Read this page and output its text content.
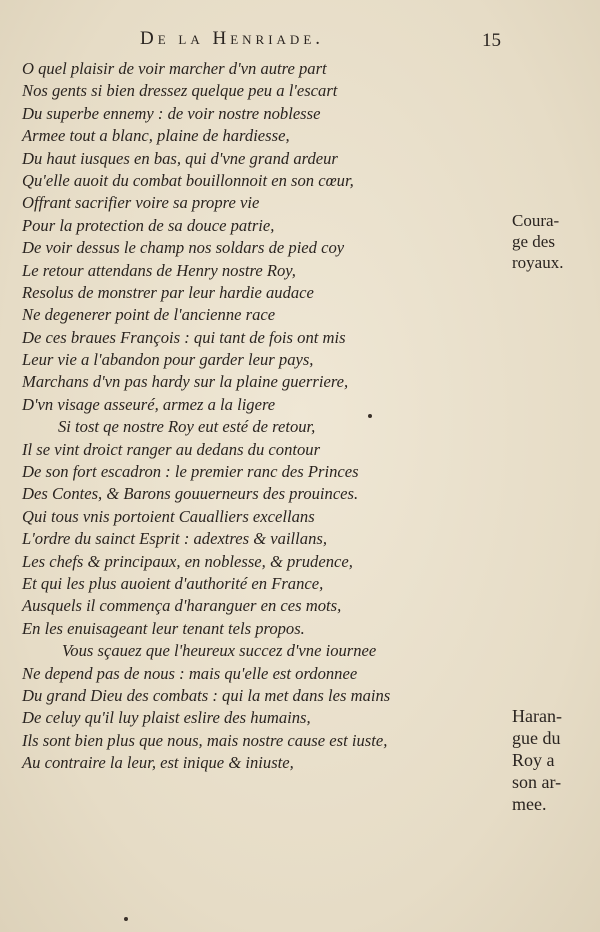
De la Henriade.	15
O quel plaisir de voir marcher d'vn autre part
Nos gents si bien dressez quelque peu a l'escart
Du superbe ennemy : de voir nostre noblesse
Armee tout a blanc, plaine de hardiesse,
Du haut iusques en bas, qui d'vne grand ardeur
Qu'elle auoit du combat bouillonnoit en son cœur,
Offrant sacrifier voire sa propre vie
Pour la protection de sa douce patrie,
De voir dessus le champ nos soldars de pied coy
Le retour attendans de Henry nostre Roy,
Resolus de monstrer par leur hardie audace
Ne degenerer point de l'ancienne race
De ces braues François : qui tant de fois ont mis
Leur vie a l'abandon pour garder leur pays,
Marchans d'vn pas hardy sur la plaine guerriere,
D'vn visage asseuré, armez a la ligere
Si tost qe nostre Roy eut esté de retour,
Il se vint droict ranger au dedans du contour
De son fort escadron : le premier ranc des Princes
Des Contes, & Barons gouuerneurs des prouinces.
Qui tous vnis portoient Caualliers excellans
L'ordre du sainct Esprit : adextres & vaillans,
Les chefs & principaux, en noblesse, & prudence,
Et qui les plus auoient d'authorité en France,
Ausquels il commença d'haranguer en ces mots,
En les enuisageant leur tenant tels propos.
Vous sçauez que l'heureux succez d'vne iournee
Ne depend pas de nous : mais qu'elle est ordonnee
Du grand Dieu des combats : qui la met dans les mains
De celuy qu'il luy plaist eslire des humains,
Ils sont bien plus que nous, mais nostre cause est iuste,
Au contraire la leur, est inique & iniuste,
Coura-
ge des
royaux.
Haran-
gue du
Roy a
son ar-
mee.
